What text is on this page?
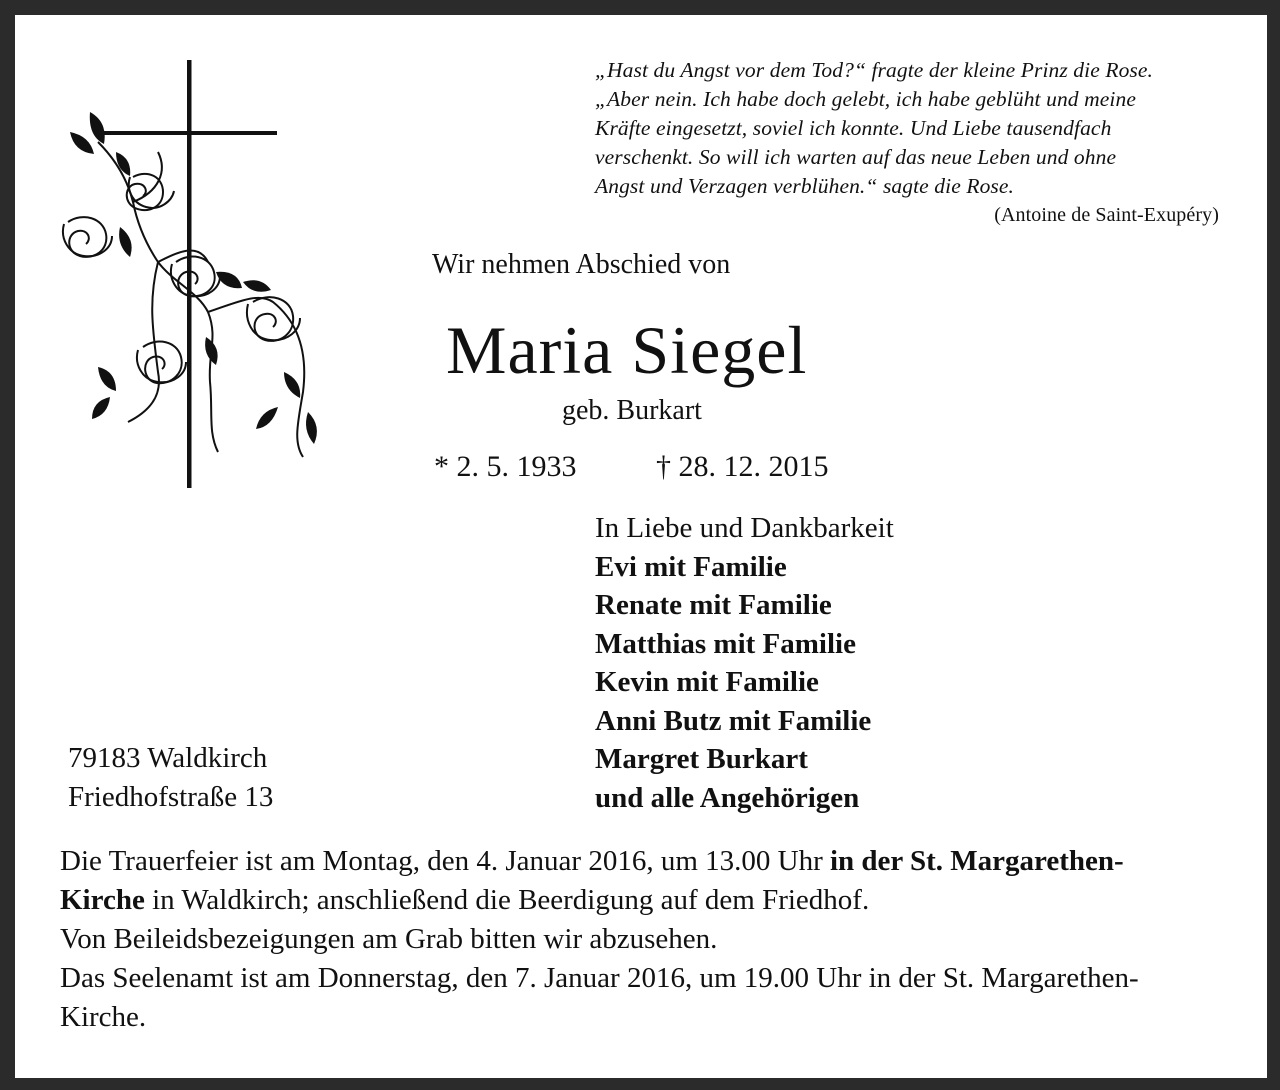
„Hast du Angst vor dem Tod?“ fragte der kleine Prinz die Rose.
„Aber nein. Ich habe doch gelebt, ich habe geblüht und meine
Kräfte eingesetzt, soviel ich konnte. Und Liebe tausendfach
verschenkt. So will ich warten auf das neue Leben und ohne
Angst und Verzagen verblühen.“ sagte die Rose.
(Antoine de Saint-Exupéry)
Wir nehmen Abschied von
Maria Siegel
geb. Burkart
* 2. 5. 1933	† 28. 12. 2015
In Liebe und Dankbarkeit
Evi mit Familie
Renate mit Familie
Matthias mit Familie
Kevin mit Familie
Anni Butz mit Familie
Margret Burkart
und alle Angehörigen
79183 Waldkirch
Friedhofstraße 13
Die Trauerfeier ist am Montag, den 4. Januar 2016, um 13.00 Uhr in der St. Margarethen-
Kirche in Waldkirch; anschließend die Beerdigung auf dem Friedhof.
Von Beileidsbezeigungen am Grab bitten wir abzusehen.
Das Seelenamt ist am Donnerstag, den 7. Januar 2016, um 19.00 Uhr in der St. Margarethen-
Kirche.
